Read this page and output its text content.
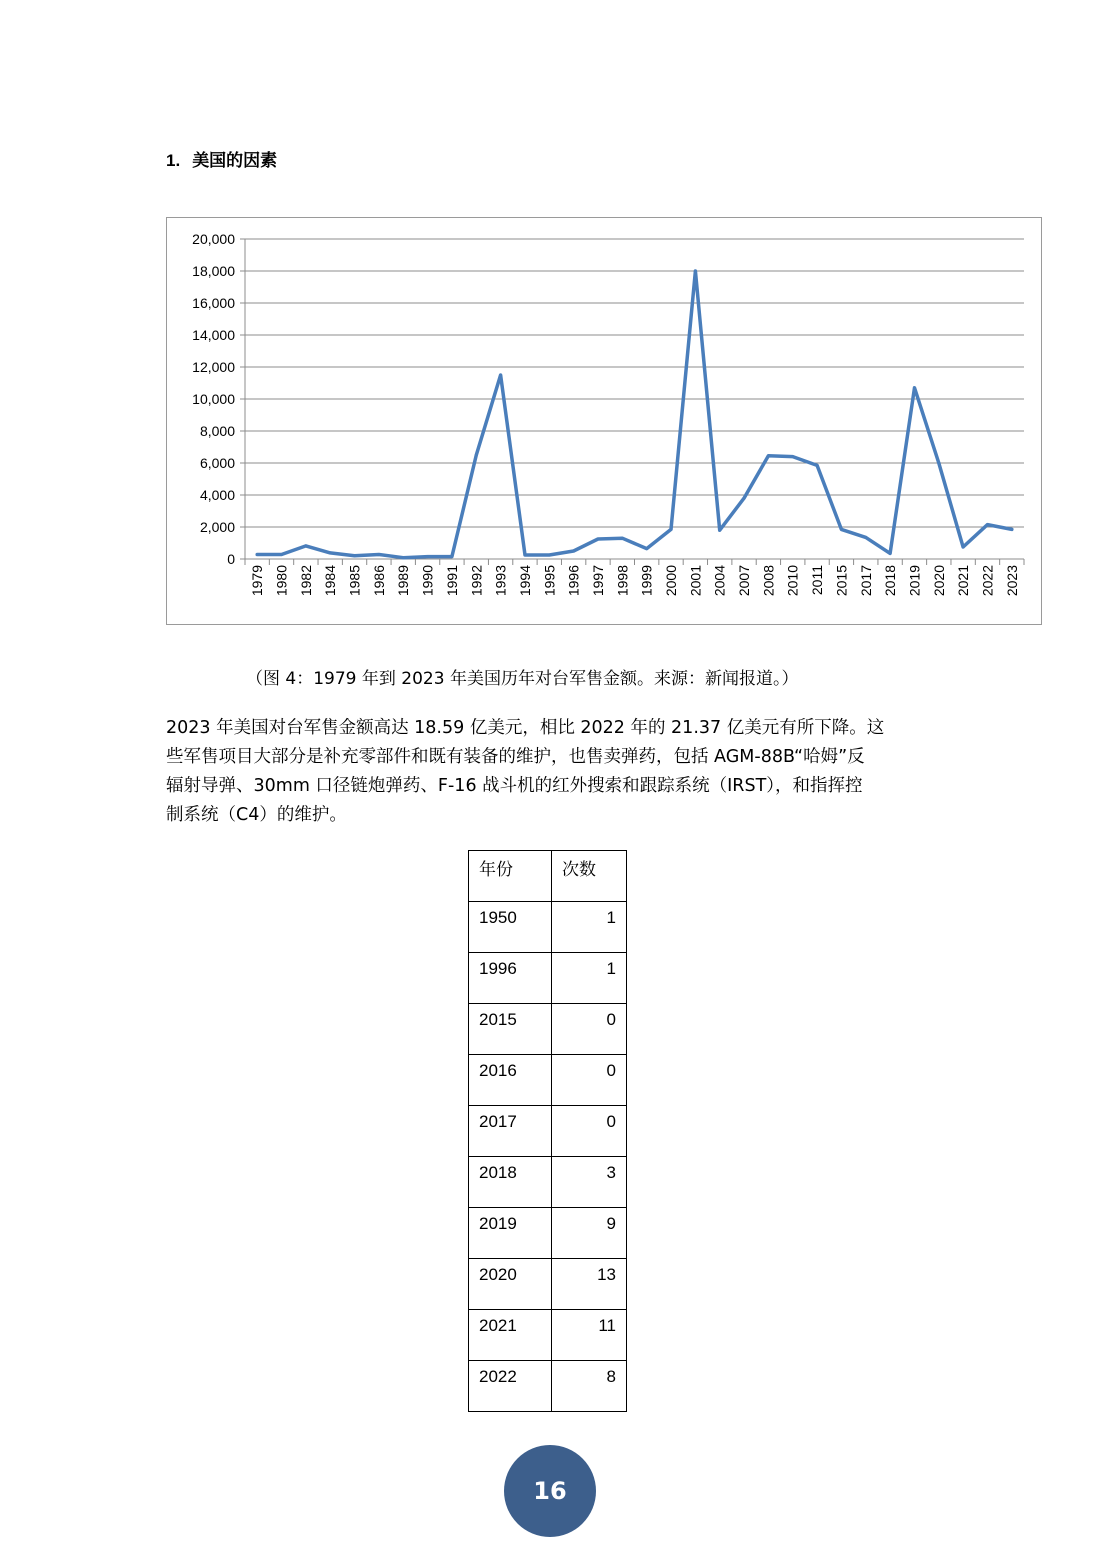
1. 美国的因素
0
2,000
4,000
6,000
8,000
10,000
12,000
14,000
16,000
18,000
20,000
1979 1980 1982 1984 1985 1986 1989 1990 1991 1992 1993 1994 1995 1996 1997 1998 1999 2000 2001 2004 2007 2008 2010 2011 2015 2017 2018 2019 2020 2021 2022 2023
（图 4：1979 年到 2023 年美国历年对台军售金额。来源：新闻报道。）
2023 年美国对台军售金额高达 18.59 亿美元，相比 2022 年的 21.37 亿美元有所下降。这
些军售项目大部分是补充零部件和既有装备的维护，也售卖弹药，包括 AGM-88B“哈姆”反
辐射导弹、30mm 口径链炮弹药、F-16 战斗机的红外搜索和跟踪系统（IRST），和指挥控
制系统（C4）的维护。
年份	次数
1950	1
1996	1
2015	0
2016	0
2017	0
2018	3
2019	9
2020	13
2021	11
2022	8
16
